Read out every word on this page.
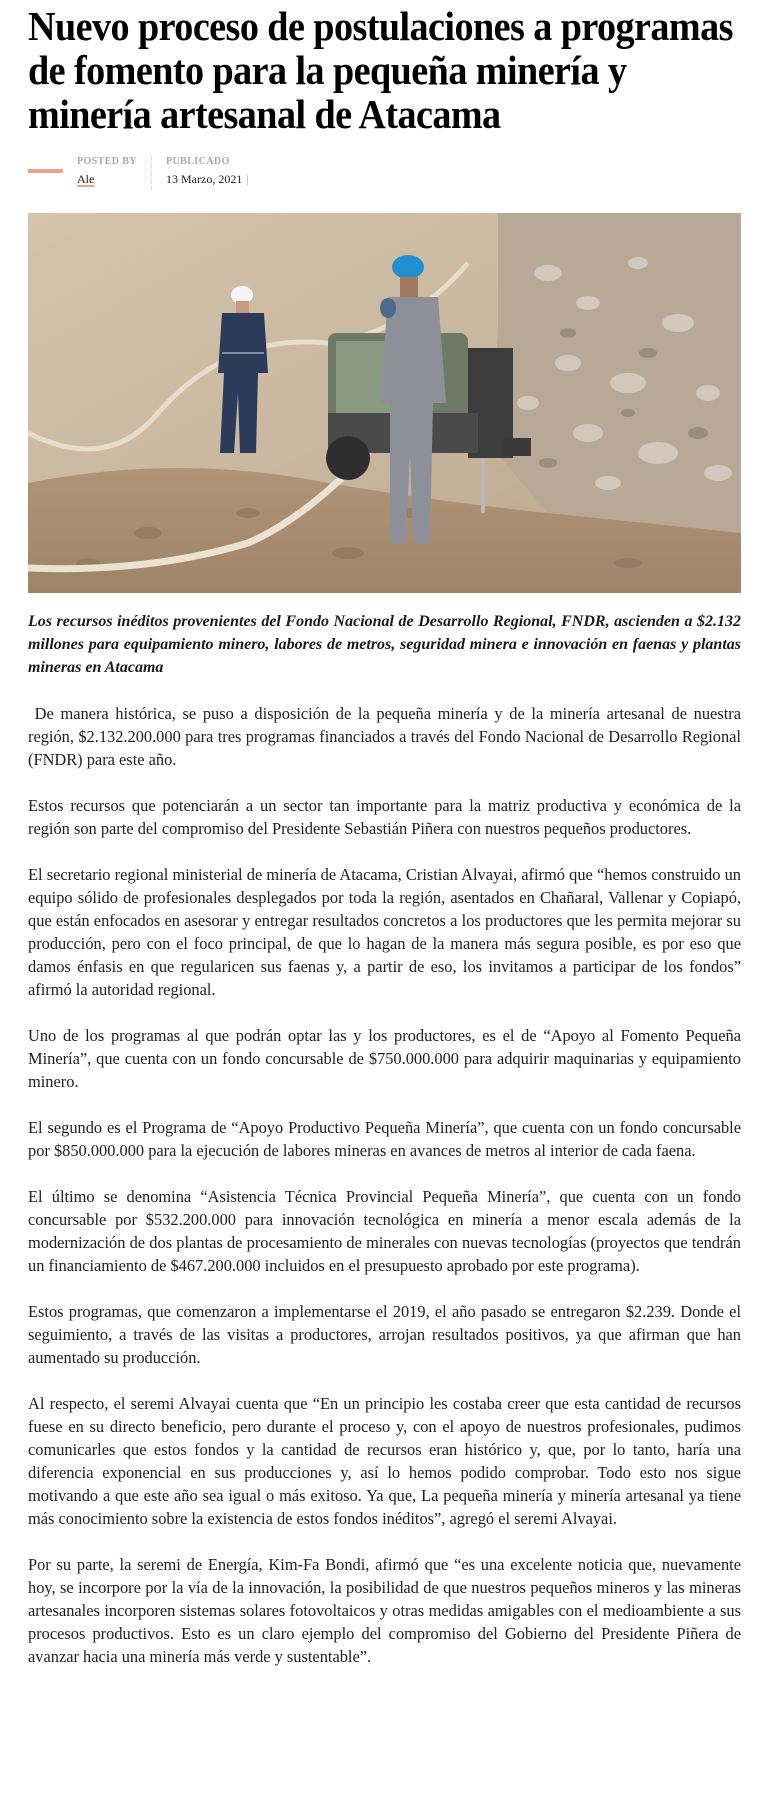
Nuevo proceso de postulaciones a programas de fomento para la pequeña minería y minería artesanal de Atacama
POSTED BY
Ale
PUBLICADO
13 Marzo, 2021 |

Los recursos inéditos provenientes del Fondo Nacional de Desarrollo Regional, FNDR, ascienden a $2.132 millones para equipamiento minero, labores de metros, seguridad minera e innovación en faenas y plantas mineras en Atacama

De manera histórica, se puso a disposición de la pequeña minería y de la minería artesanal de nuestra región, $2.132.200.000 para tres programas financiados a través del Fondo Nacional de Desarrollo Regional (FNDR) para este año.

Estos recursos que potenciarán a un sector tan importante para la matriz productiva y económica de la región son parte del compromiso del Presidente Sebastián Piñera con nuestros pequeños productores.

El secretario regional ministerial de minería de Atacama, Cristian Alvayai, afirmó que “hemos construido un equipo sólido de profesionales desplegados por toda la región, asentados en Chañaral, Vallenar y Copiapó, que están enfocados en asesorar y entregar resultados concretos a los productores que les permita mejorar su producción, pero con el foco principal, de que lo hagan de la manera más segura posible, es por eso que damos énfasis en que regularicen sus faenas y, a partir de eso, los invitamos a participar de los fondos” afirmó la autoridad regional.

Uno de los programas al que podrán optar las y los productores, es el de “Apoyo al Fomento Pequeña Minería”, que cuenta con un fondo concursable de $750.000.000 para adquirir maquinarias y equipamiento minero.

El segundo es el Programa de “Apoyo Productivo Pequeña Minería”, que cuenta con un fondo concursable por $850.000.000 para la ejecución de labores mineras en avances de metros al interior de cada faena.

El último se denomina “Asistencia Técnica Provincial Pequeña Minería”, que cuenta con un fondo concursable por $532.200.000 para innovación tecnológica en minería a menor escala además de la modernización de dos plantas de procesamiento de minerales con nuevas tecnologías (proyectos que tendrán un financiamiento de $467.200.000 incluidos en el presupuesto aprobado por este programa).

Estos programas, que comenzaron a implementarse el 2019, el año pasado se entregaron $2.239. Donde el seguimiento, a través de las visitas a productores, arrojan resultados positivos, ya que afirman que han aumentado su producción.

Al respecto, el seremi Alvayai cuenta que “En un principio les costaba creer que esta cantidad de recursos fuese en su directo beneficio, pero durante el proceso y, con el apoyo de nuestros profesionales, pudimos comunicarles que estos fondos y la cantidad de recursos eran histórico y, que, por lo tanto, haría una diferencia exponencial en sus producciones y, así lo hemos podido comprobar. Todo esto nos sigue motivando a que este año sea igual o más exitoso. Ya que, La pequeña minería y minería artesanal ya tiene más conocimiento sobre la existencia de estos fondos inéditos”, agregó el seremi Alvayai.

Por su parte, la seremi de Energía, Kim-Fa Bondi, afirmó que “es una excelente noticia que, nuevamente hoy, se incorpore por la vía de la innovación, la posibilidad de que nuestros pequeños mineros y las mineras artesanales incorporen sistemas solares fotovoltaicos y otras medidas amigables con el medioambiente a sus procesos productivos. Esto es un claro ejemplo del compromiso del Gobierno del Presidente Piñera de avanzar hacia una minería más verde y sustentable”.
